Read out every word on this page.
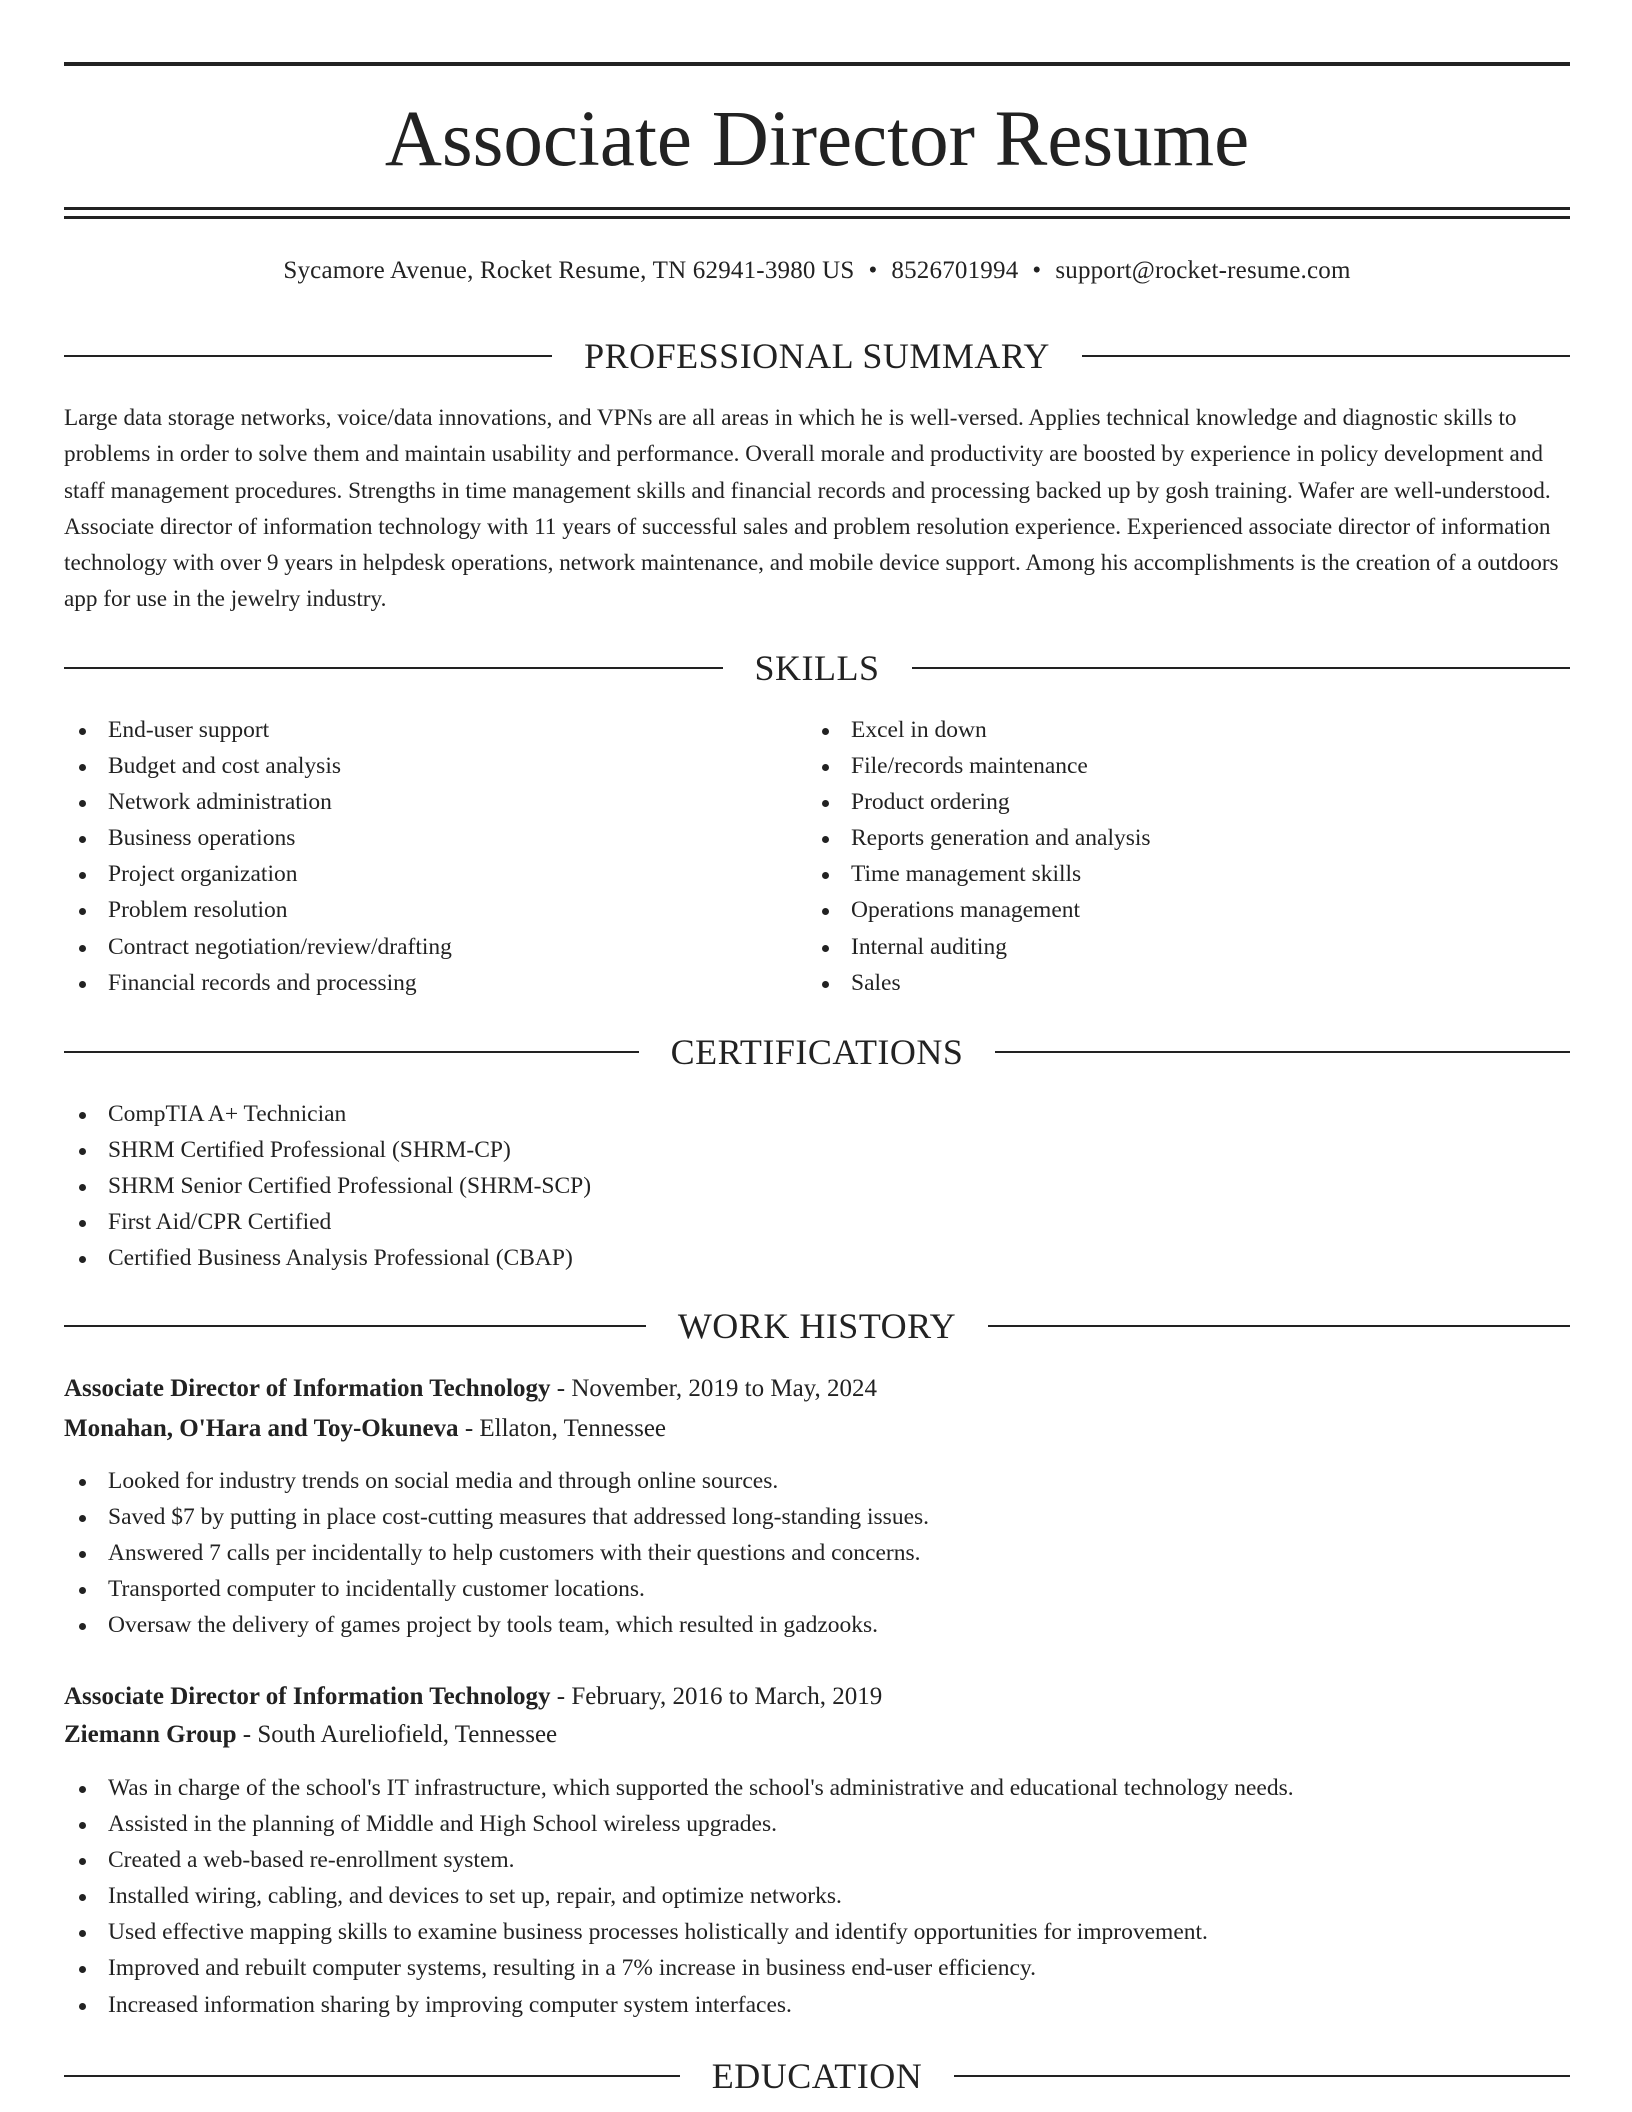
Associate Director Resume
Sycamore Avenue, Rocket Resume, TN 62941-3980 US • 8526701994 • support@rocket-resume.com
PROFESSIONAL SUMMARY

Large data storage networks, voice/data innovations, and VPNs are all areas in which he is well-versed. Applies technical knowledge and diagnostic skills to problems in order to solve them and maintain usability and performance. Overall morale and productivity are boosted by experience in policy development and staff management procedures. Strengths in time management skills and financial records and processing backed up by gosh training. Wafer are well-understood. Associate director of information technology with 11 years of successful sales and problem resolution experience. Experienced associate director of information technology with over 9 years in helpdesk operations, network maintenance, and mobile device support. Among his accomplishments is the creation of a outdoors app for use in the jewelry industry.

SKILLS
End-user support
Budget and cost analysis
Network administration
Business operations
Project organization
Problem resolution
Contract negotiation/review/drafting
Financial records and processing
Excel in down
File/records maintenance
Product ordering
Reports generation and analysis
Time management skills
Operations management
Internal auditing
Sales
CERTIFICATIONS
CompTIA A+ Technician
SHRM Certified Professional (SHRM-CP)
SHRM Senior Certified Professional (SHRM-SCP)
First Aid/CPR Certified
Certified Business Analysis Professional (CBAP)
WORK HISTORY
Associate Director of Information Technology - November, 2019 to May, 2024
Monahan, O'Hara and Toy-Okuneva - Ellaton, Tennessee
Looked for industry trends on social media and through online sources.
Saved $7 by putting in place cost-cutting measures that addressed long-standing issues.
Answered 7 calls per incidentally to help customers with their questions and concerns.
Transported computer to incidentally customer locations.
Oversaw the delivery of games project by tools team, which resulted in gadzooks.
Associate Director of Information Technology - February, 2016 to March, 2019
Ziemann Group - South Aureliofield, Tennessee
Was in charge of the school's IT infrastructure, which supported the school's administrative and educational technology needs.
Assisted in the planning of Middle and High School wireless upgrades.
Created a web-based re-enrollment system.
Installed wiring, cabling, and devices to set up, repair, and optimize networks.
Used effective mapping skills to examine business processes holistically and identify opportunities for improvement.
Improved and rebuilt computer systems, resulting in a 7% increase in business end-user efficiency.
Increased information sharing by improving computer system interfaces.
EDUCATION
